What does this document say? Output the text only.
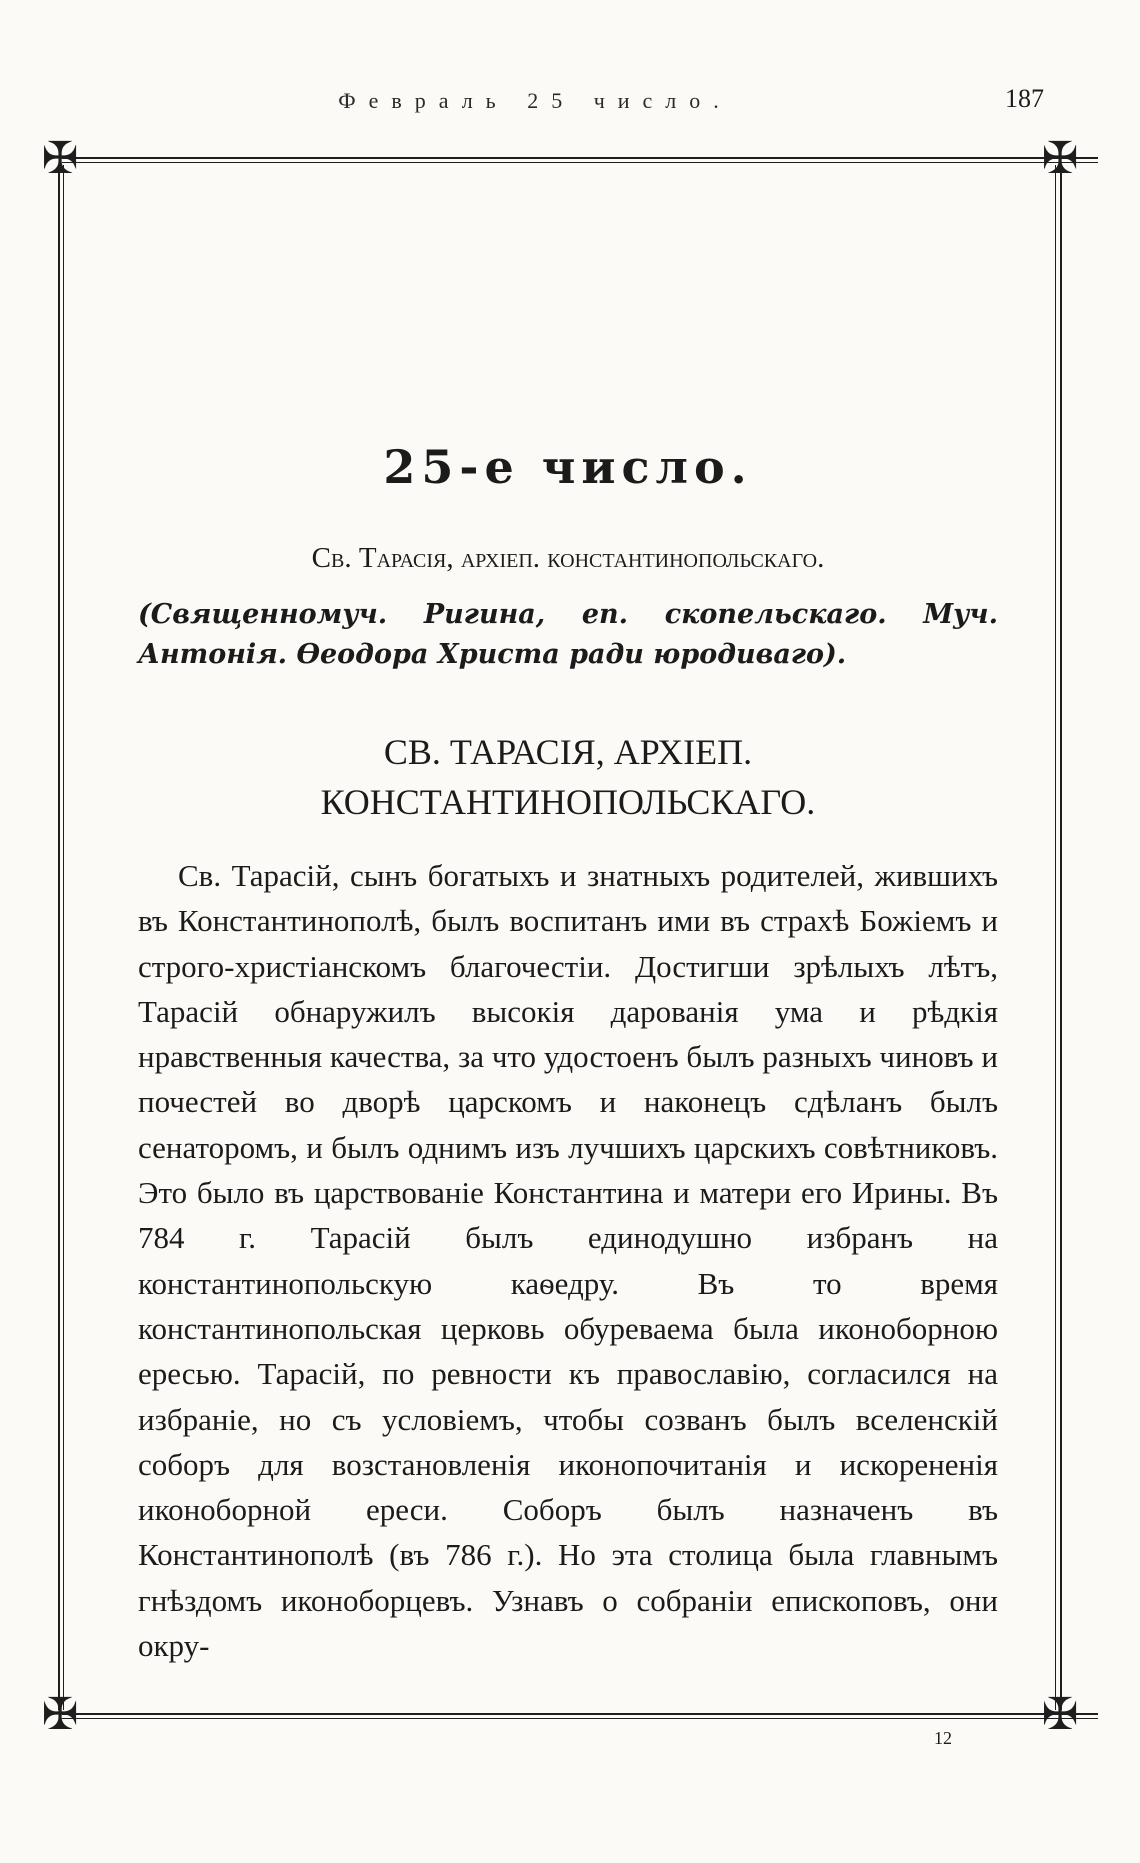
Февраль 25 число.	187
✠	✠
✠	✠
25-е число.
Св. Тарасія, архіеп. константинопольскаго.
(Священномуч. Ригина, еп. скопельскаго. Муч. Антонія. Өеодора Христа ради юродиваго).
СВ. ТАРАСІЯ, АРХІЕП. КОНСТАНТИНОПОЛЬСКАГО.

Св. Тарасій, сынъ богатыхъ и знатныхъ родителей, жившихъ въ Константинополѣ, былъ воспитанъ ими въ страхѣ Божіемъ и строго-христіанскомъ благочестіи. Достигши зрѣлыхъ лѣтъ, Тарасій обнаружилъ высокія дарованія ума и рѣдкія нравственныя качества, за что удостоенъ былъ разныхъ чиновъ и почестей во дворѣ царскомъ и наконецъ сдѣланъ былъ сенаторомъ, и былъ однимъ изъ лучшихъ царскихъ совѣтниковъ. Это было въ царствованіе Константина и матери его Ирины. Въ 784 г. Тарасій былъ единодушно избранъ на константинопольскую каѳедру. Въ то время константинопольская церковь обуреваема была иконоборною ересью. Тарасій, по ревности къ православію, согласился на избраніе, но съ условіемъ, чтобы созванъ былъ вселенскій соборъ для возстановленія иконопочитанія и искорененія иконоборной ереси. Соборъ былъ назначенъ въ Константинополѣ (въ 786 г.). Но эта столица была главнымъ гнѣздомъ иконоборцевъ. Узнавъ о собраніи епископовъ, они окру-

12
